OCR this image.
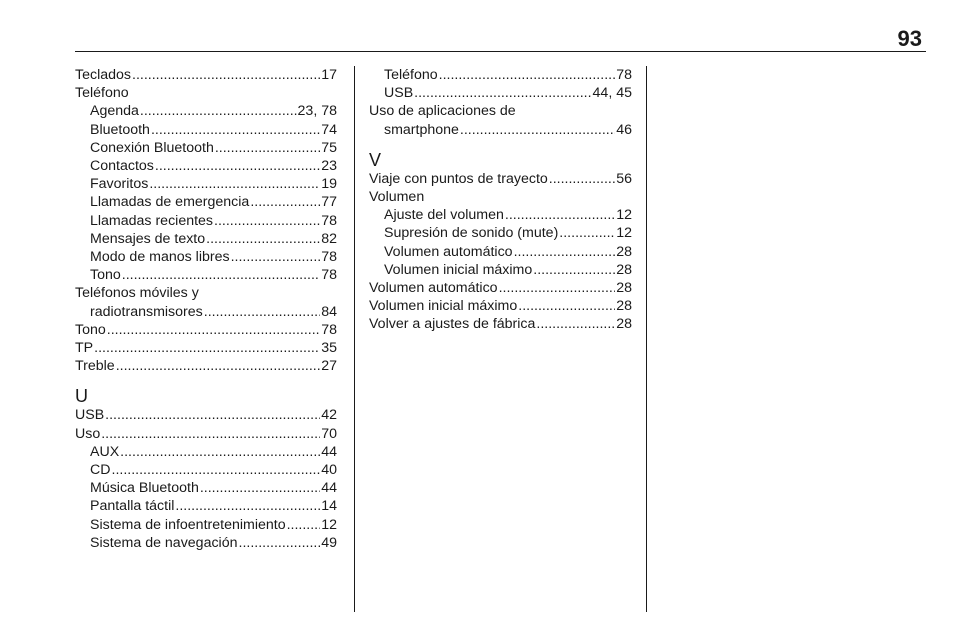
93
Teclados .....	17
Teléfono
Agenda .....	23, 78
Bluetooth .....	74
Conexión Bluetooth .....	75
Contactos .....	23
Favoritos .....	19
Llamadas de emergencia .....	77
Llamadas recientes .....	78
Mensajes de texto .....	82
Modo de manos libres .....	78
Tono .....	78
Teléfonos móviles y
radiotransmisores .....	84
Tono .....	78
TP .....	35
Treble .....	27
U
USB .....	42
Uso .....	70
AUX .....	44
CD .....	40
Música Bluetooth .....	44
Pantalla táctil .....	14
Sistema de infoentretenimiento .....	12
Sistema de navegación .....	49
Teléfono .....	78
USB .....	44, 45
Uso de aplicaciones de
smartphone .....	46
V
Viaje con puntos de trayecto .....	56
Volumen
Ajuste del volumen .....	12
Supresión de sonido (mute) .....	12
Volumen automático .....	28
Volumen inicial máximo .....	28
Volumen automático .....	28
Volumen inicial máximo .....	28
Volver a ajustes de fábrica .....	28
